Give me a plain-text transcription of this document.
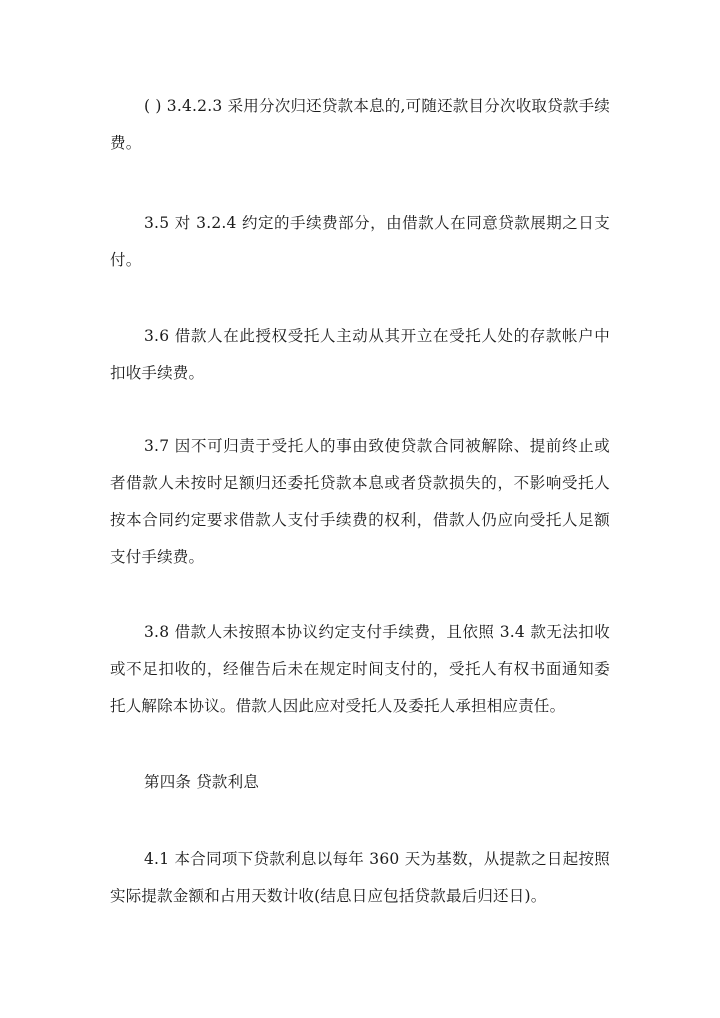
( ) 3.4.2.3 采用分次归还贷款本息的,可随还款目分次收取贷款手续费。

3.5 对 3.2.4 约定的手续费部分，由借款人在同意贷款展期之日支付。

3.6 借款人在此授权受托人主动从其开立在受托人处的存款帐户中扣收手续费。

3.7 因不可归责于受托人的事由致使贷款合同被解除、提前终止或者借款人未按时足额归还委托贷款本息或者贷款损失的，不影响受托人按本合同约定要求借款人支付手续费的权利，借款人仍应向受托人足额支付手续费。

3.8 借款人未按照本协议约定支付手续费，且依照 3.4 款无法扣收或不足扣收的，经催告后未在规定时间支付的，受托人有权书面通知委托人解除本协议。借款人因此应对受托人及委托人承担相应责任。

第四条 贷款利息

4.1 本合同项下贷款利息以每年 360 天为基数，从提款之日起按照实际提款金额和占用天数计收(结息日应包括贷款最后归还日)。
